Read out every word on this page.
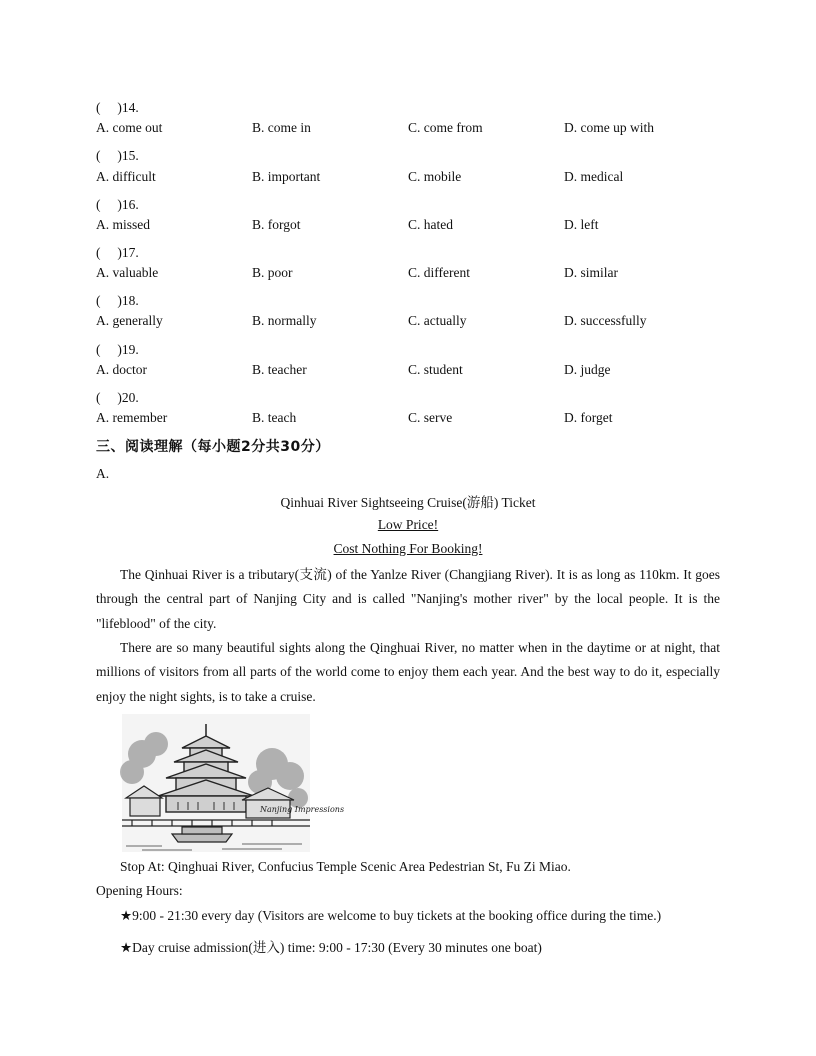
(　 )14.
A. come out	B. come in	C. come from	D. come up with
(　 )15.
A. difficult	B. important	C. mobile	D. medical
(　 )16.
A. missed	B. forgot	C. hated	D. left
(　 )17.
A. valuable	B. poor	C. different	D. similar
(　 )18.
A. generally	B. normally	C. actually	D. successfully
(　 )19.
A. doctor	B. teacher	C. student	D. judge
(　 )20.
A. remember	B. teach	C. serve	D. forget
三、阅读理解（每小题2分共30分）
A.
Qinhuai River Sightseeing Cruise(游船) Ticket
Low Price!
Cost Nothing For Booking!

The Qinhuai River is a tributary(支流) of the Yanlze River (Changjiang River). It is as long as 110km. It goes through the central part of Nanjing City and is called "Nanjing's mother river" by the local people. It is the "lifeblood" of the city.

There are so many beautiful sights along the Qinghuai River, no matter when in the daytime or at night, that millions of visitors from all parts of the world come to enjoy them each year. And the best way to do it, especially enjoy the night sights, is to take a cruise.

Nanjing Impressions
Stop At: Qinghuai River, Confucius Temple Scenic Area Pedestrian St, Fu Zi Miao.
Opening Hours:
★9:00 - 21:30 every day (Visitors are welcome to buy tickets at the booking office during the time.)
★Day cruise admission(进入) time: 9:00 - 17:30 (Every 30 minutes one boat)
